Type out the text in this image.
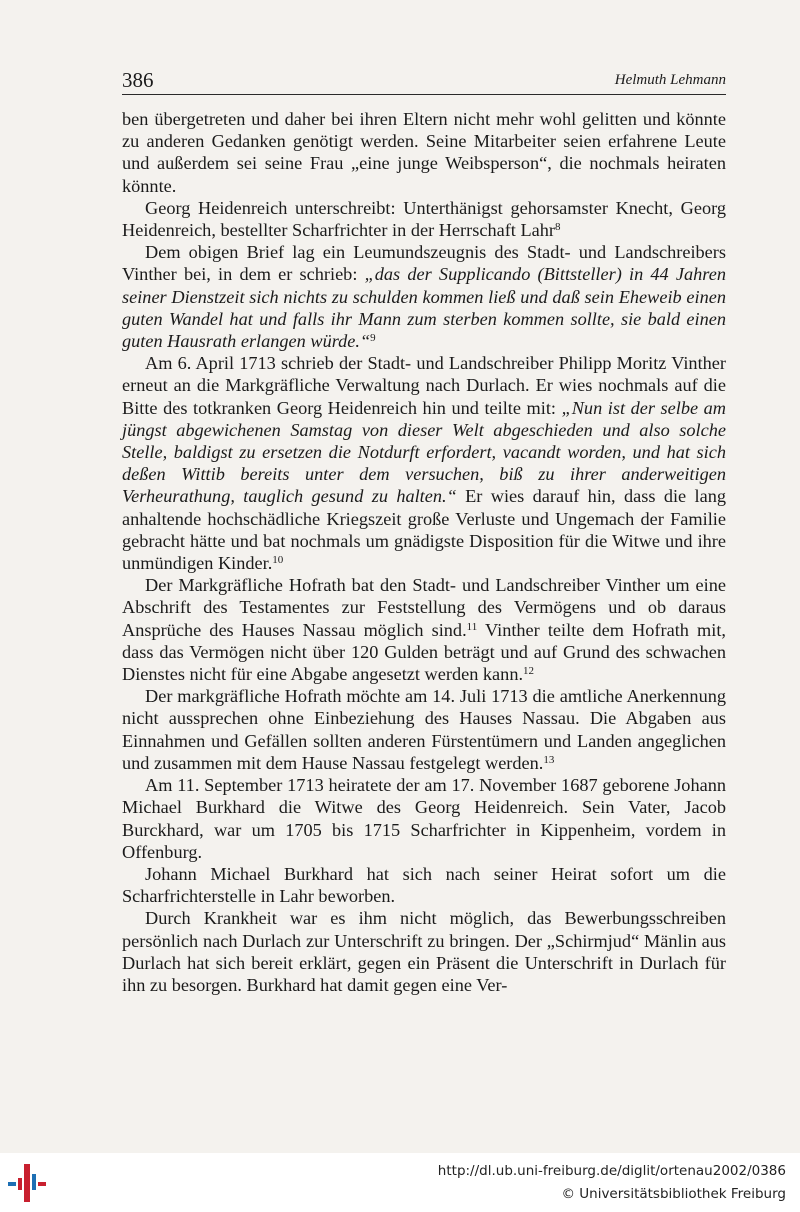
386	Helmuth Lehmann

ben übergetreten und daher bei ihren Eltern nicht mehr wohl gelitten und könnte zu anderen Gedanken genötigt werden. Seine Mitarbeiter seien erfahrene Leute und außerdem sei seine Frau „eine junge Weibsperson“, die nochmals heiraten könnte.

Georg Heidenreich unterschreibt: Unterthänigst gehorsamster Knecht, Georg Heidenreich, bestellter Scharfrichter in der Herrschaft Lahr$^8$

Dem obigen Brief lag ein Leumundszeugnis des Stadt- und Landschreibers Vinther bei, in dem er schrieb: „das der Supplicando (Bittsteller) in 44 Jahren seiner Dienstzeit sich nichts zu schulden kommen ließ und daß sein Eheweib einen guten Wandel hat und falls ihr Mann zum sterben kommen sollte, sie bald einen guten Hausrath erlangen würde.“$^9$

Am 6. April 1713 schrieb der Stadt- und Landschreiber Philipp Moritz Vinther erneut an die Markgräfliche Verwaltung nach Durlach. Er wies nochmals auf die Bitte des totkranken Georg Heidenreich hin und teilte mit: „Nun ist der selbe am jüngst abgewichenen Samstag von dieser Welt abgeschieden und also solche Stelle, baldigst zu ersetzen die Notdurft erfordert, vacandt worden, und hat sich deßen Wittib bereits unter dem versuchen, biß zu ihrer anderweitigen Verheurathung, tauglich gesund zu halten.“ Er wies darauf hin, dass die lang anhaltende hochschädliche Kriegszeit große Verluste und Ungemach der Familie gebracht hätte und bat nochmals um gnädigste Disposition für die Witwe und ihre unmündigen Kinder.$^{10}$

Der Markgräfliche Hofrath bat den Stadt- und Landschreiber Vinther um eine Abschrift des Testamentes zur Feststellung des Vermögens und ob daraus Ansprüche des Hauses Nassau möglich sind.$^{11}$ Vinther teilte dem Hofrath mit, dass das Vermögen nicht über 120 Gulden beträgt und auf Grund des schwachen Dienstes nicht für eine Abgabe angesetzt werden kann.$^{12}$

Der markgräfliche Hofrath möchte am 14. Juli 1713 die amtliche Anerkennung nicht aussprechen ohne Einbeziehung des Hauses Nassau. Die Abgaben aus Einnahmen und Gefällen sollten anderen Fürstentümern und Landen angeglichen und zusammen mit dem Hause Nassau festgelegt werden.$^{13}$

Am 11. September 1713 heiratete der am 17. November 1687 geborene Johann Michael Burkhard die Witwe des Georg Heidenreich. Sein Vater, Jacob Burckhard, war um 1705 bis 1715 Scharfrichter in Kippenheim, vordem in Offenburg.

Johann Michael Burkhard hat sich nach seiner Heirat sofort um die Scharfrichterstelle in Lahr beworben.

Durch Krankheit war es ihm nicht möglich, das Bewerbungsschreiben persönlich nach Durlach zur Unterschrift zu bringen. Der „Schirmjud“ Mänlin aus Durlach hat sich bereit erklärt, gegen ein Präsent die Unterschrift in Durlach für ihn zu besorgen. Burkhard hat damit gegen eine Ver-

http://dl.ub.uni-freiburg.de/diglit/ortenau2002/0386
© Universitätsbibliothek Freiburg
